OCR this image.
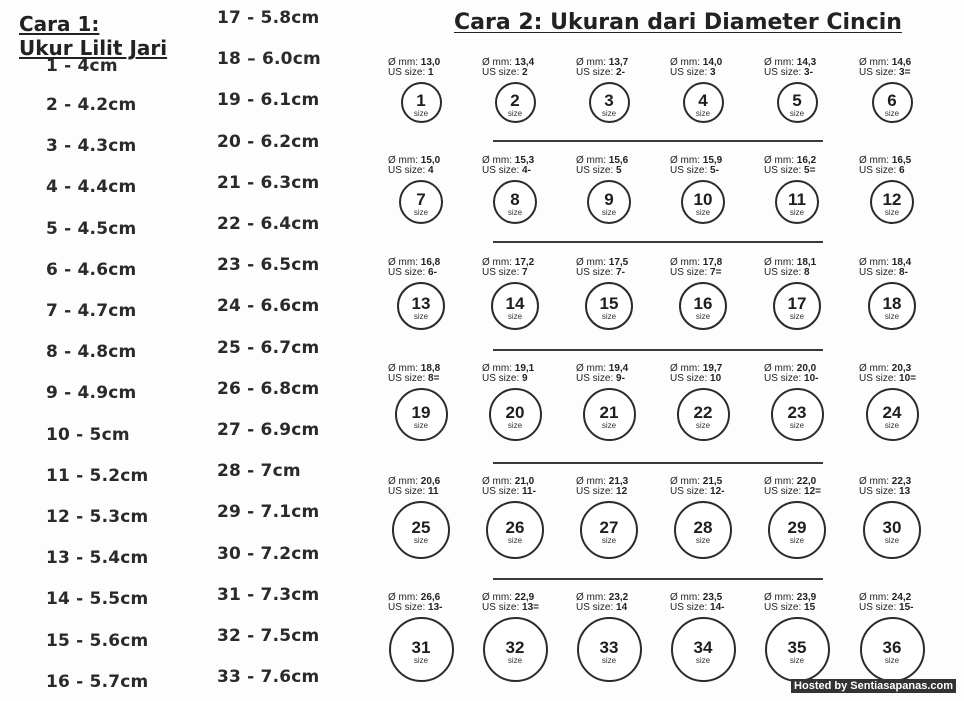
Cara 1:
Ukur Lilit Jari
1 - 4cm
2 - 4.2cm
3 - 4.3cm
4 - 4.4cm
5 - 4.5cm
6 - 4.6cm
7 - 4.7cm
8 - 4.8cm
9 - 4.9cm
10 - 5cm
11 - 5.2cm
12 - 5.3cm
13 - 5.4cm
14 - 5.5cm
15 - 5.6cm
16 - 5.7cm
17 - 5.8cm
18 – 6.0cm
19 - 6.1cm
20 - 6.2cm
21 - 6.3cm
22 - 6.4cm
23 - 6.5cm
24 - 6.6cm
25 - 6.7cm
26 - 6.8cm
27 - 6.9cm
28 - 7cm
29 - 7.1cm
30 - 7.2cm
31 - 7.3cm
32 - 7.5cm
33 - 7.6cm
Cara 2: Ukuran dari Diameter Cincin
Ø mm: 13,0
US size: 1
1
size
Ø mm: 13,4
US size: 2
2
size
Ø mm: 13,7
US size: 2-
3
size
Ø mm: 14,0
US size: 3
4
size
Ø mm: 14,3
US size: 3-
5
size
Ø mm: 14,6
US size: 3=
6
size
Ø mm: 15,0
US size: 4
7
size
Ø mm: 15,3
US size: 4-
8
size
Ø mm: 15,6
US size: 5
9
size
Ø mm: 15,9
US size: 5-
10
size
Ø mm: 16,2
US size: 5=
11
size
Ø mm: 16,5
US size: 6
12
size
Ø mm: 16,8
US size: 6-
13
size
Ø mm: 17,2
US size: 7
14
size
Ø mm: 17,5
US size: 7-
15
size
Ø mm: 17,8
US size: 7=
16
size
Ø mm: 18,1
US size: 8
17
size
Ø mm: 18,4
US size: 8-
18
size
Ø mm: 18,8
US size: 8=
19
size
Ø mm: 19,1
US size: 9
20
size
Ø mm: 19,4
US size: 9-
21
size
Ø mm: 19,7
US size: 10
22
size
Ø mm: 20,0
US size: 10-
23
size
Ø mm: 20,3
US size: 10=
24
size
Ø mm: 20,6
US size: 11
25
size
Ø mm: 21,0
US size: 11-
26
size
Ø mm: 21,3
US size: 12
27
size
Ø mm: 21,5
US size: 12-
28
size
Ø mm: 22,0
US size: 12=
29
size
Ø mm: 22,3
US size: 13
30
size
Ø mm: 26,6
US size: 13-
31
size
Ø mm: 22,9
US size: 13=
32
size
Ø mm: 23,2
US size: 14
33
size
Ø mm: 23,5
US size: 14-
34
size
Ø mm: 23,9
US size: 15
35
size
Ø mm: 24,2
US size: 15-
36
size
Hosted by Sentiasapanas.com
